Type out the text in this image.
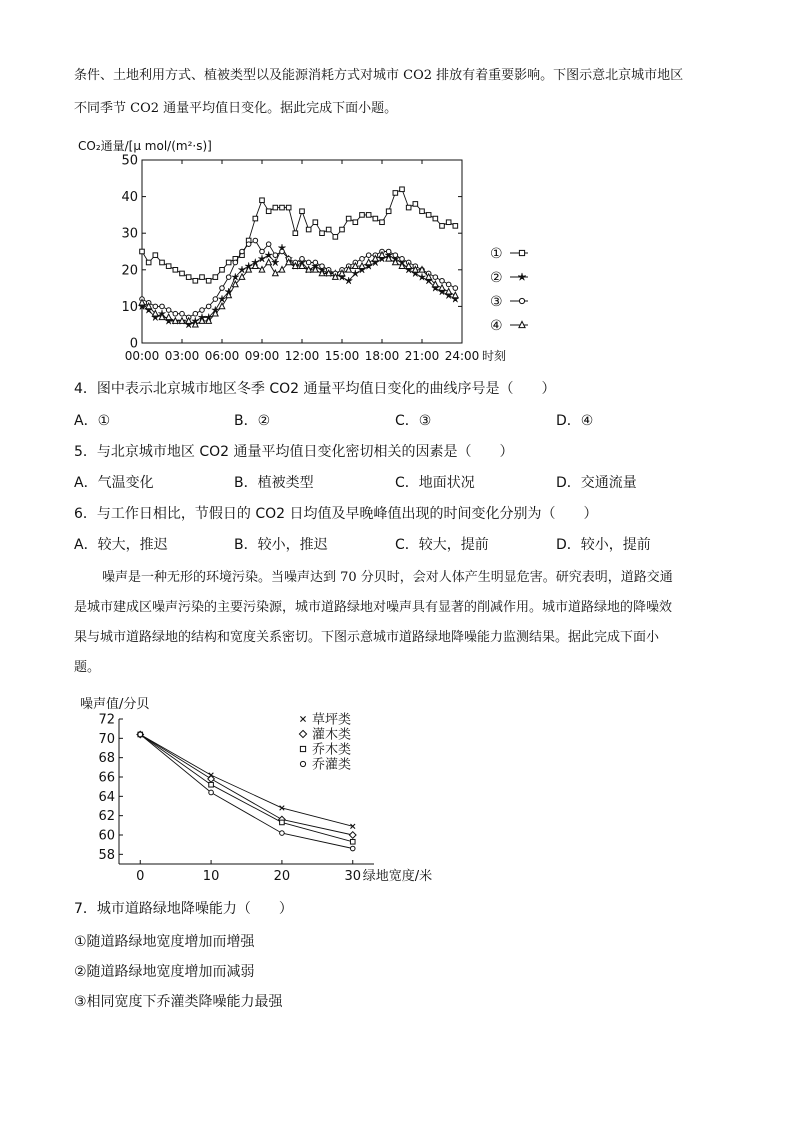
条件、土地利用方式、植被类型以及能源消耗方式对城市 CO2 排放有着重要影响。下图示意北京城市地区
不同季节 CO2 通量平均值日变化。据此完成下面小题。
CO₂通量/[μ mol/(m²·s)]
0
10
20
30
40
50
00:00 03:00 06:00 09:00 12:00 15:00 18:00 21:00 24:00 时刻
①
②
③
④
4．图中表示北京城市地区冬季 CO2 通量平均值日变化的曲线序号是（　　）
A．①	B．②	C．③	D．④
5．与北京城市地区 CO2 通量平均值日变化密切相关的因素是（　　）
A．气温变化	B．植被类型	C．地面状况	D．交通流量
6．与工作日相比，节假日的 CO2 日均值及早晚峰值出现的时间变化分别为（　　）
A．较大，推迟	B．较小，推迟	C．较大，提前	D．较小，提前
噪声是一种无形的环境污染。当噪声达到 70 分贝时，会对人体产生明显危害。研究表明，道路交通
是城市建成区噪声污染的主要污染源，城市道路绿地对噪声具有显著的削减作用。城市道路绿地的降噪效
果与城市道路绿地的结构和宽度关系密切。下图示意城市道路绿地降噪能力监测结果。据此完成下面小
题。
噪声值/分贝
58
60
62
64
66
68
70
72
0	10	20	30 绿地宽度/米
草坪类
灌木类
乔木类
乔灌类
7．城市道路绿地降噪能力（　　）
①随道路绿地宽度增加而增强
②随道路绿地宽度增加而减弱
③相同宽度下乔灌类降噪能力最强
